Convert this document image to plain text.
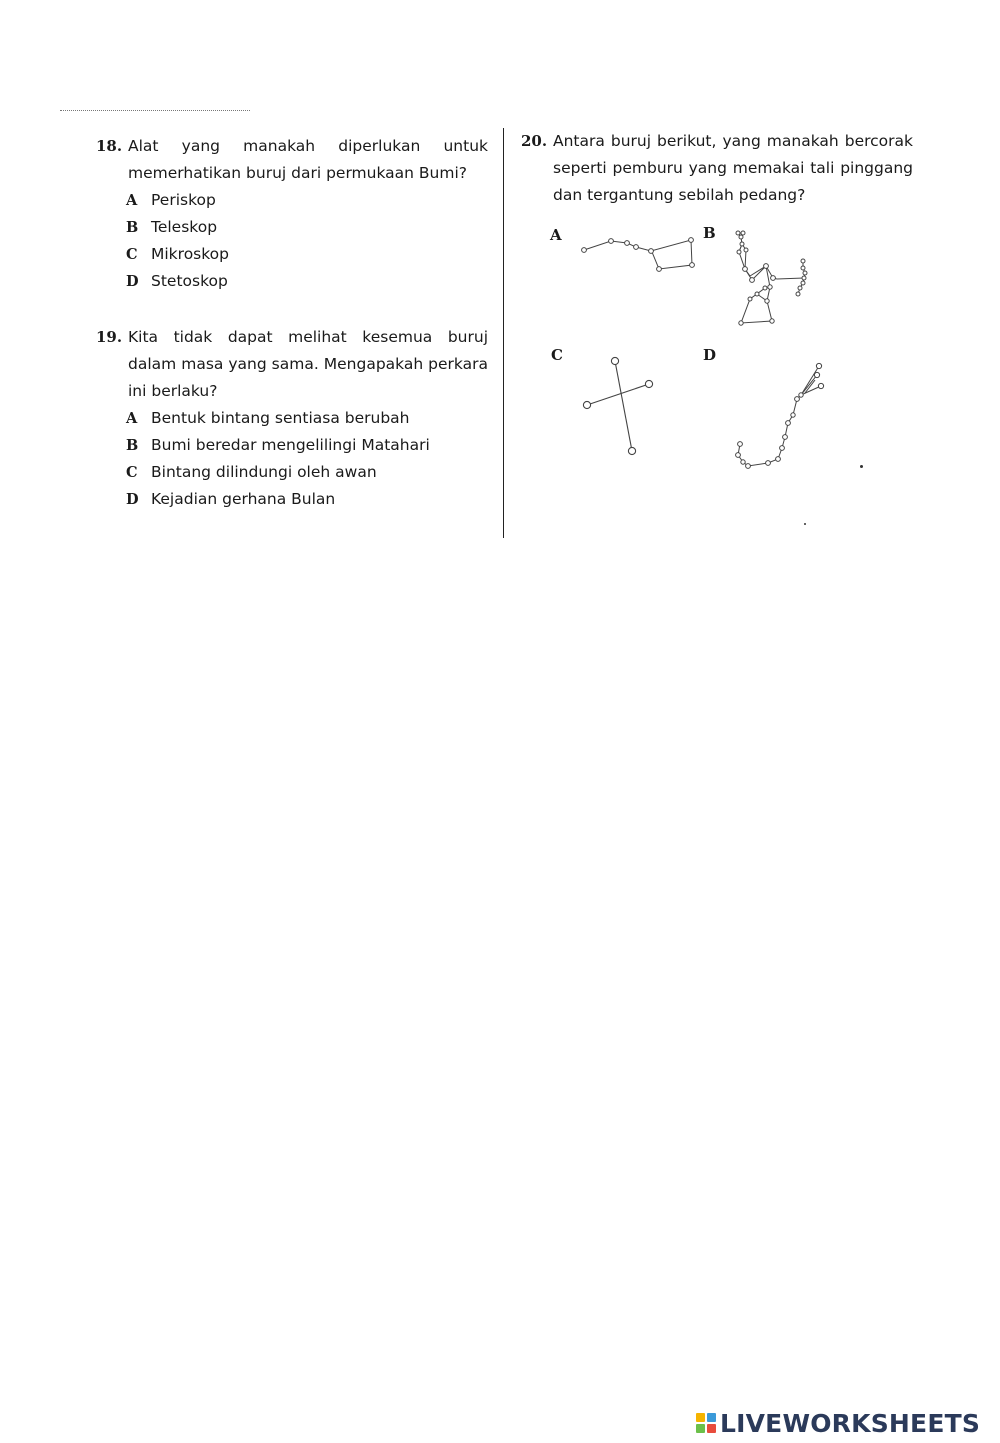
18. Alat yang manakah diperlukan untuk memerhatikan buruj dari permukaan Bumi?
A Periskop
B Teleskop
C Mikroskop
D Stetoskop
19. Kita tidak dapat melihat kesemua buruj dalam masa yang sama. Mengapakah perkara ini berlaku?
A Bentuk bintang sentiasa berubah
B Bumi beredar mengelilingi Matahari
C Bintang dilindungi oleh awan
D Kejadian gerhana Bulan
20. Antara buruj berikut, yang manakah bercorak seperti pemburu yang memakai tali pinggang dan tergantung sebilah pedang?
A	B
C	D
LIVEWORKSHEETS
